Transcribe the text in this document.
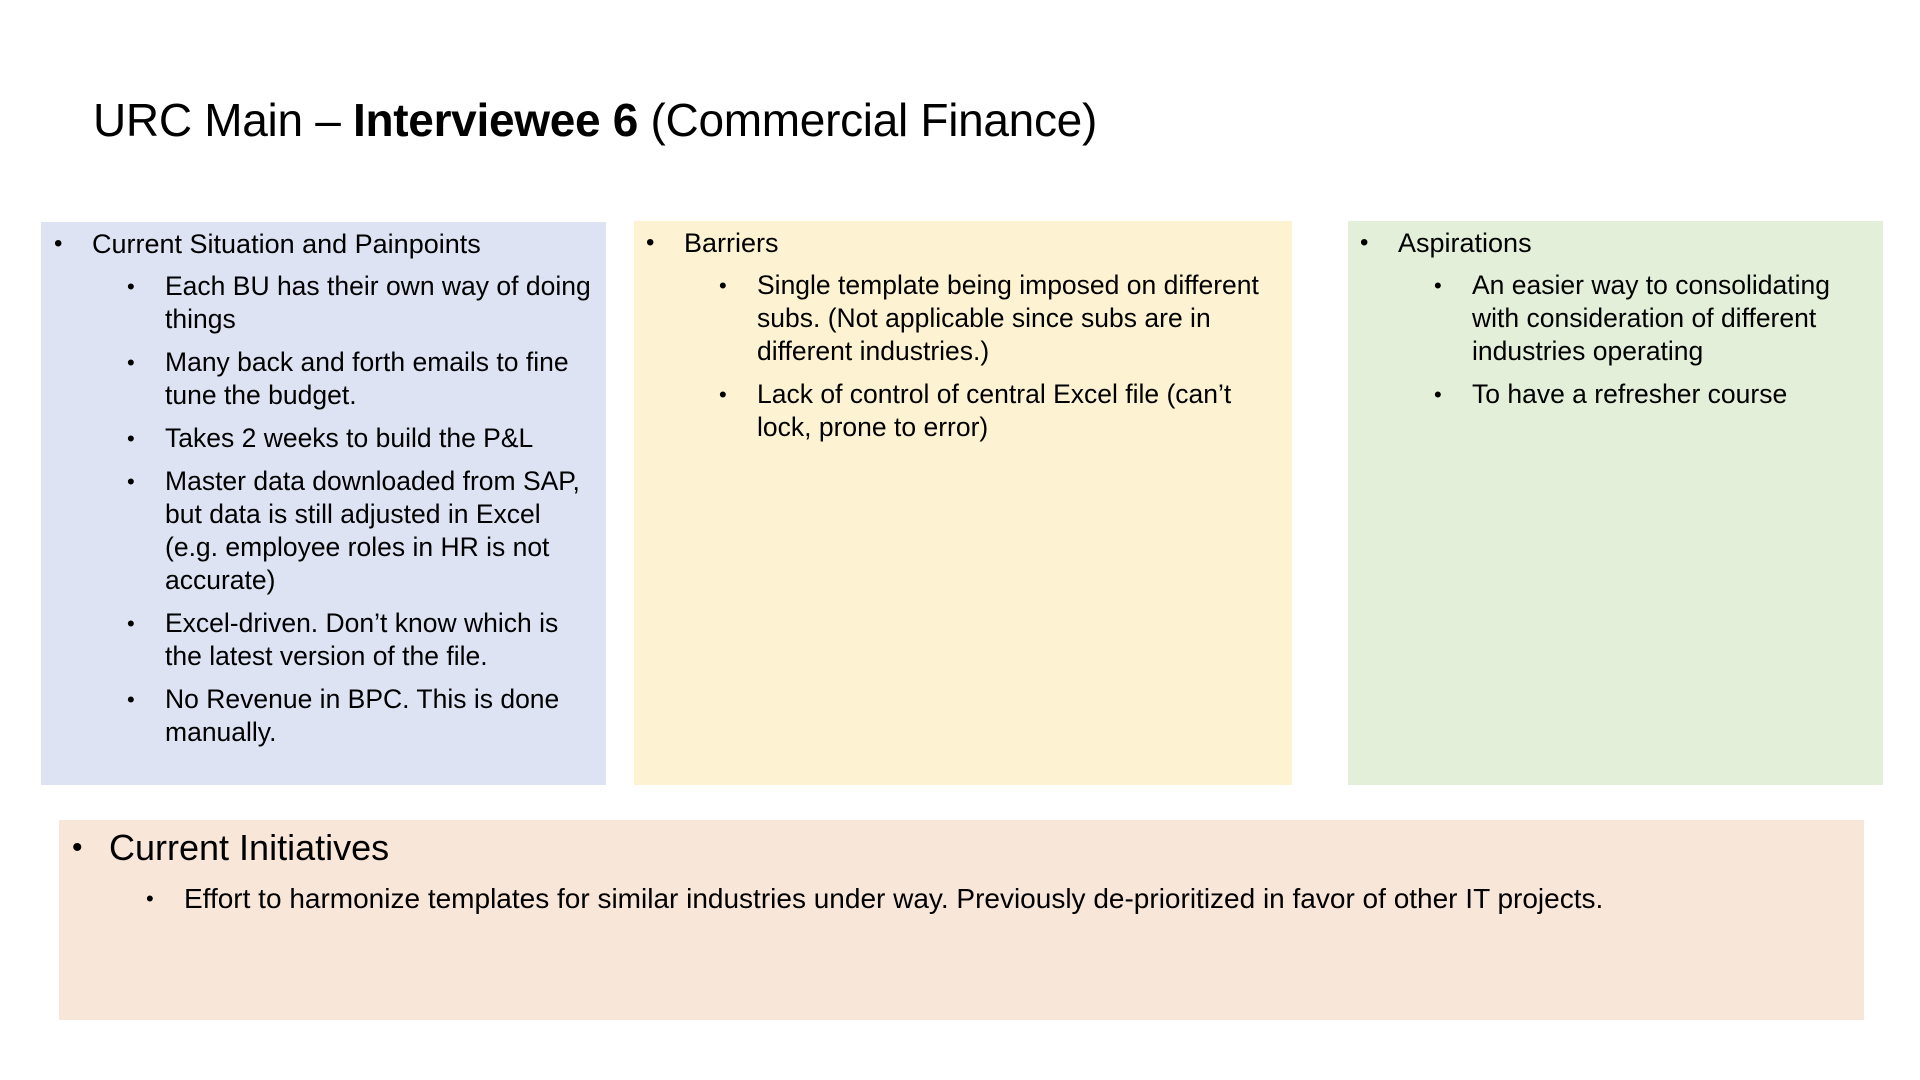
URC Main – Interviewee 6 (Commercial Finance)
• Current Situation and Painpoints
• Each BU has their own way of doing things
• Many back and forth emails to fine tune the budget.
• Takes 2 weeks to build the P&L
• Master data downloaded from SAP, but data is still adjusted in Excel (e.g. employee roles in HR is not accurate)
• Excel-driven. Don’t know which is the latest version of the file.
• No Revenue in BPC. This is done manually.
• Barriers
• Single template being imposed on different subs. (Not applicable since subs are in different industries.)
• Lack of control of central Excel file (can’t lock, prone to error)
• Aspirations
• An easier way to consolidating with consideration of different industries operating
• To have a refresher course
• Current Initiatives
• Effort to harmonize templates for similar industries under way. Previously de-prioritized in favor of other IT projects.
